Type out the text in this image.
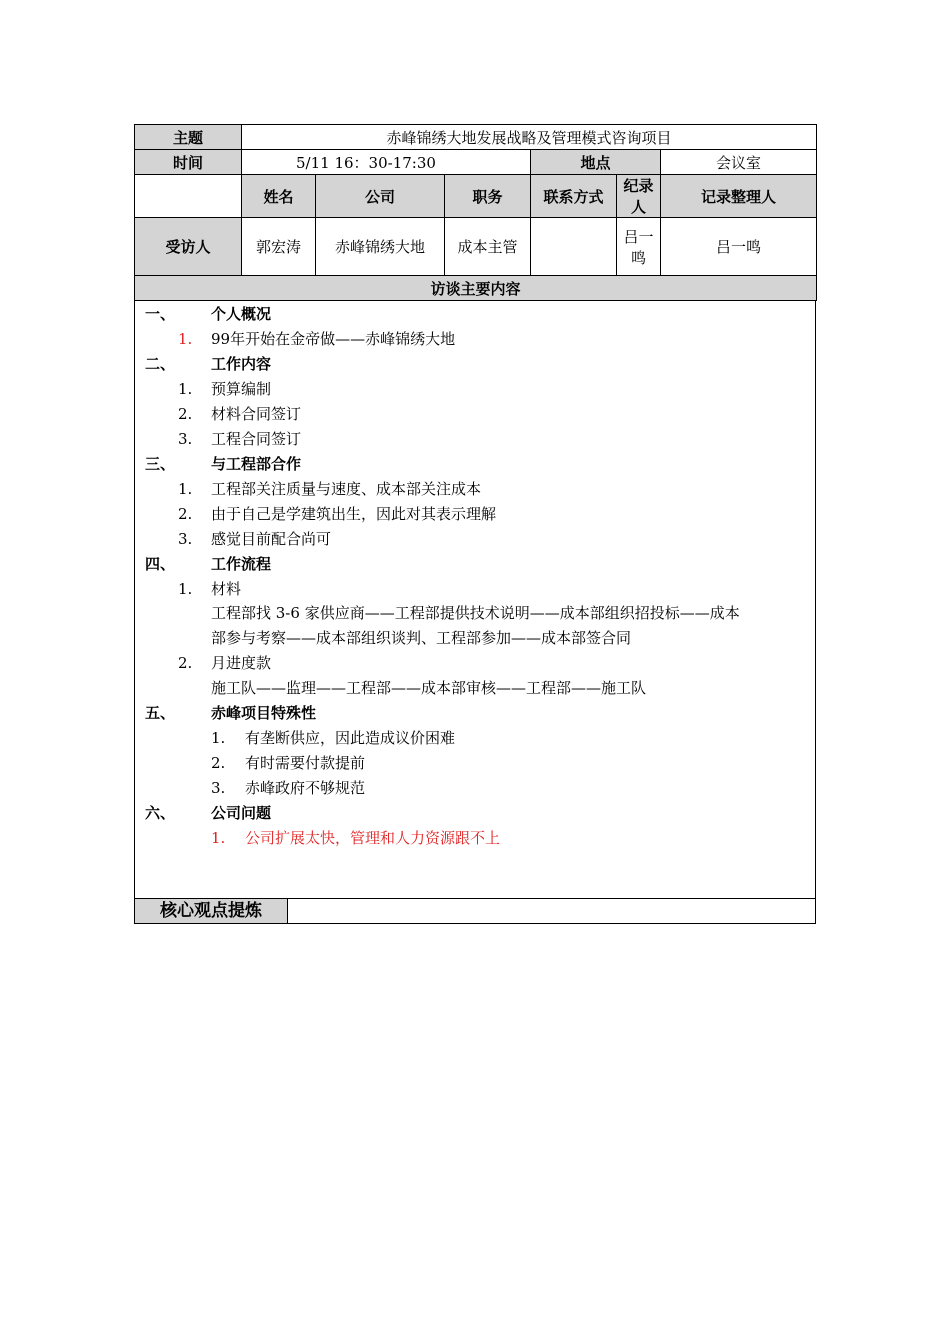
主题	赤峰锦绣大地发展战略及管理模式咨询项目					
时间	5/11 16：30-17:30			地点		会议室
	姓名	公司	职务	联系方式	纪录人	记录整理人
受访人	郭宏涛	赤峰锦绣大地	成本主管		吕一鸣	吕一鸣
访谈主要内容						
一、 个人概况
1. 99年开始在金帝做——赤峰锦绣大地
二、 工作内容
1. 预算编制
2. 材料合同签订
3. 工程合同签订
三、 与工程部合作
1. 工程部关注质量与速度、成本部关注成本
2. 由于自己是学建筑出生，因此对其表示理解
3. 感觉目前配合尚可
四、 工作流程
1. 材料
工程部找 3-6 家供应商——工程部提供技术说明——成本部组织招投标——成本
部参与考察——成本部组织谈判、工程部参加——成本部签合同
2. 月进度款
施工队——监理——工程部——成本部审核——工程部——施工队
五、 赤峰项目特殊性
1. 有垄断供应，因此造成议价困难
2. 有时需要付款提前
3. 赤峰政府不够规范
六、 公司问题
1. 公司扩展太快，管理和人力资源跟不上
核心观点提炼
